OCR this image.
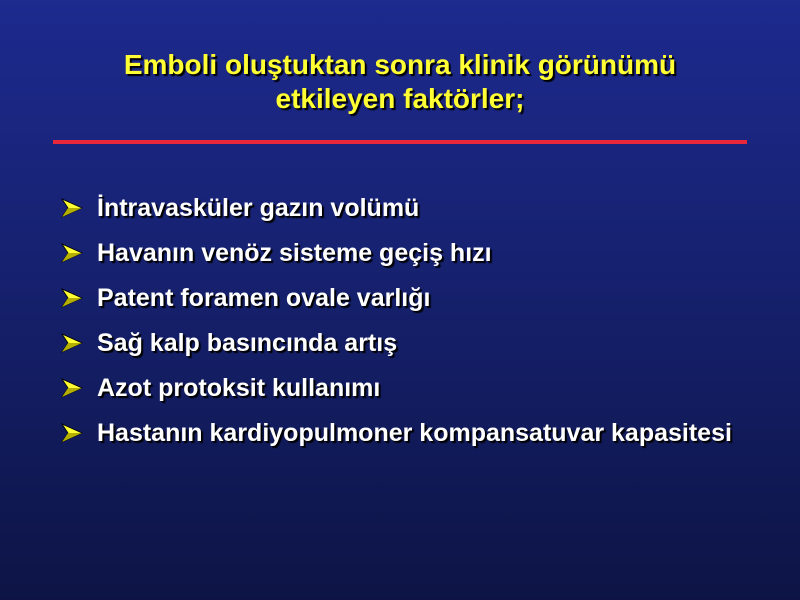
Emboli oluştuktan sonra klinik görünümü
etkileyen faktörler;
İntravasküler gazın volümü
Havanın venöz sisteme geçiş hızı
Patent foramen ovale varlığı
Sağ kalp basıncında artış
Azot protoksit kullanımı
Hastanın kardiyopulmoner kompansatuvar kapasitesi
